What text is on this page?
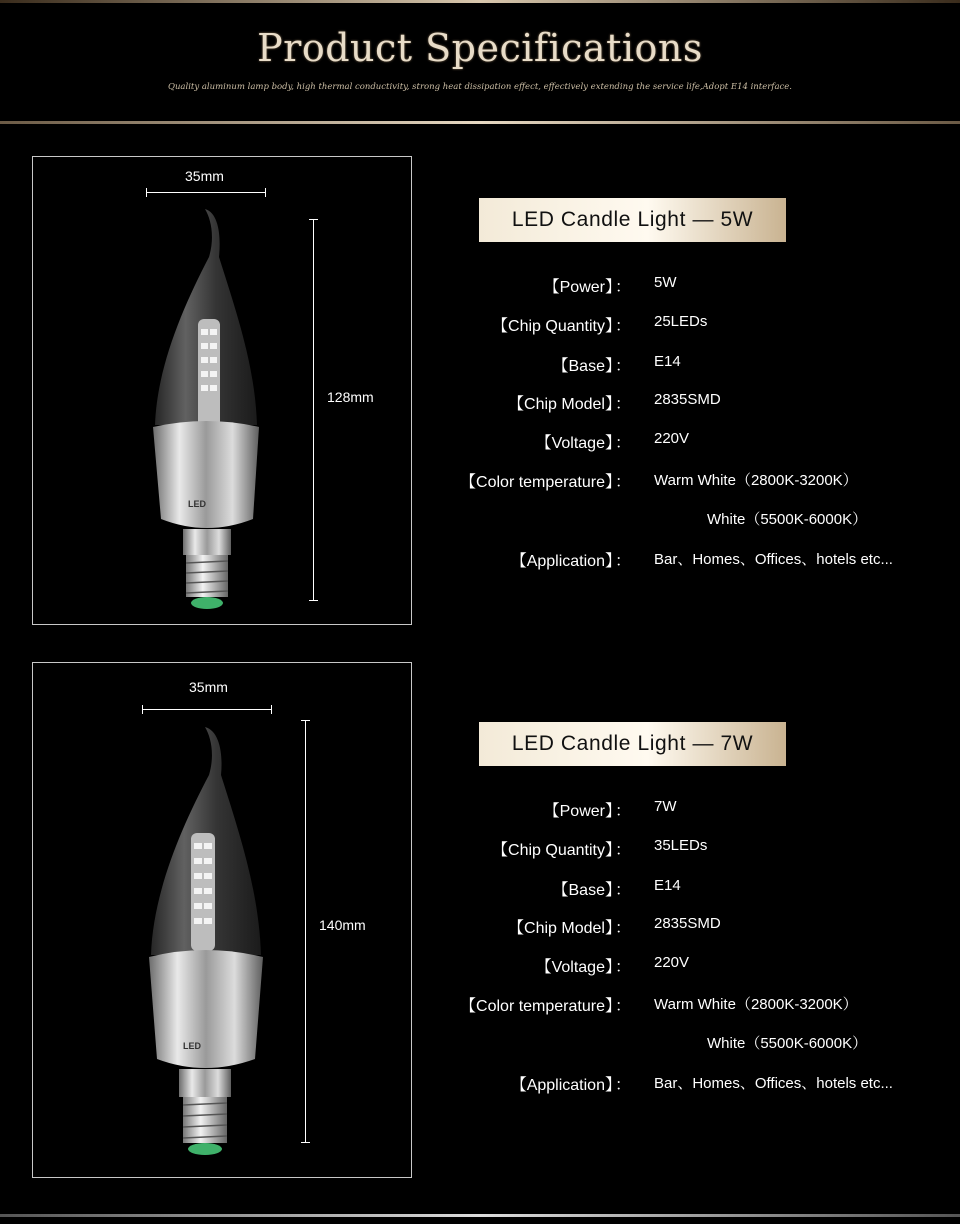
Product Specifications
Quality aluminum lamp body, high thermal conductivity, strong heat dissipation effect, effectively extending the service life,Adopt E14 interface.
LED
35mm
128mm
LED Candle Light — 5W
【Power】 ： 5W
【Chip Quantity】 ： 25LEDs
【Base】 ： E14
【Chip Model】 ： 2835SMD
【Voltage】 ： 220V
【Color temperature】 ： Warm White（2800K-3200K）
White（5500K-6000K）
【Application】 ： Bar、Homes、Offices、hotels etc...
LED
35mm
140mm
LED Candle Light — 7W
【Power】 ： 7W
【Chip Quantity】 ： 35LEDs
【Base】 ： E14
【Chip Model】 ： 2835SMD
【Voltage】 ： 220V
【Color temperature】 ： Warm White（2800K-3200K）
White（5500K-6000K）
【Application】 ： Bar、Homes、Offices、hotels etc...
